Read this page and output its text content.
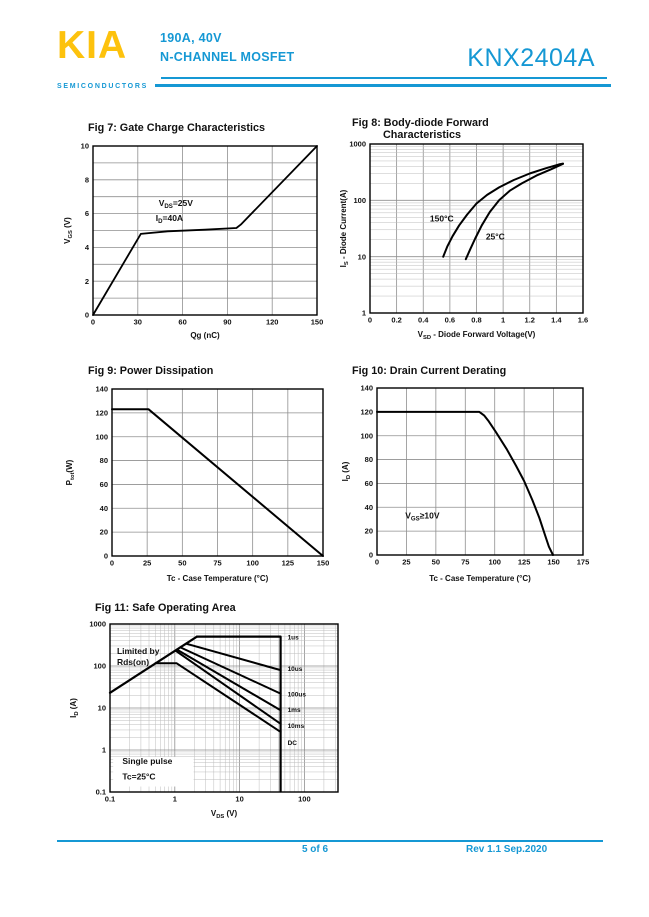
KIA
SEMICONDUCTORS
190A, 40V
N-CHANNEL MOSFET	KNX2404A
0	30	60	90	120	150
0
2
4
6
8
10
Fig 7: Gate Charge Characteristics
Qg (nC)
$V_{GS}$ (V)
$V_{DS}=25V$
$I_D=40A$
0	0.2 0.4 0.6 0.8	1	1.2 1.4 1.6
1
10
100
1000
Fig 8: Body-diode Forward
Characteristics
$V_{SD}$ - Diode Forward Voltage(V)
$I_S$ - Diode Current(A)	150°C
25°C
0	25	50	75	100	125	150
0
20
40
60
80
100
120
140
Fig 9: Power Dissipation
Tc - Case Temperature (°C)
$P_{tot}(W)$
0	25	50	75	100 125 150 175
0
20
40
60
80
100
120
140
Fig 10: Drain Current Derating
Tc - Case Temperature (°C)
$I_D$ (A)
$V_{GS}\ge 10V$
0.1	1	10	100
0.1
1
10
100
1000
Fig 11: Safe Operating Area
$V_{DS}$ (V)
$I_D$ (A)
1us
10us
100us
1ms
10ms
DC
Limited by
Rds(on)
Single pulse
Tc=25°C
5 of 6	Rev 1.1 Sep.2020
